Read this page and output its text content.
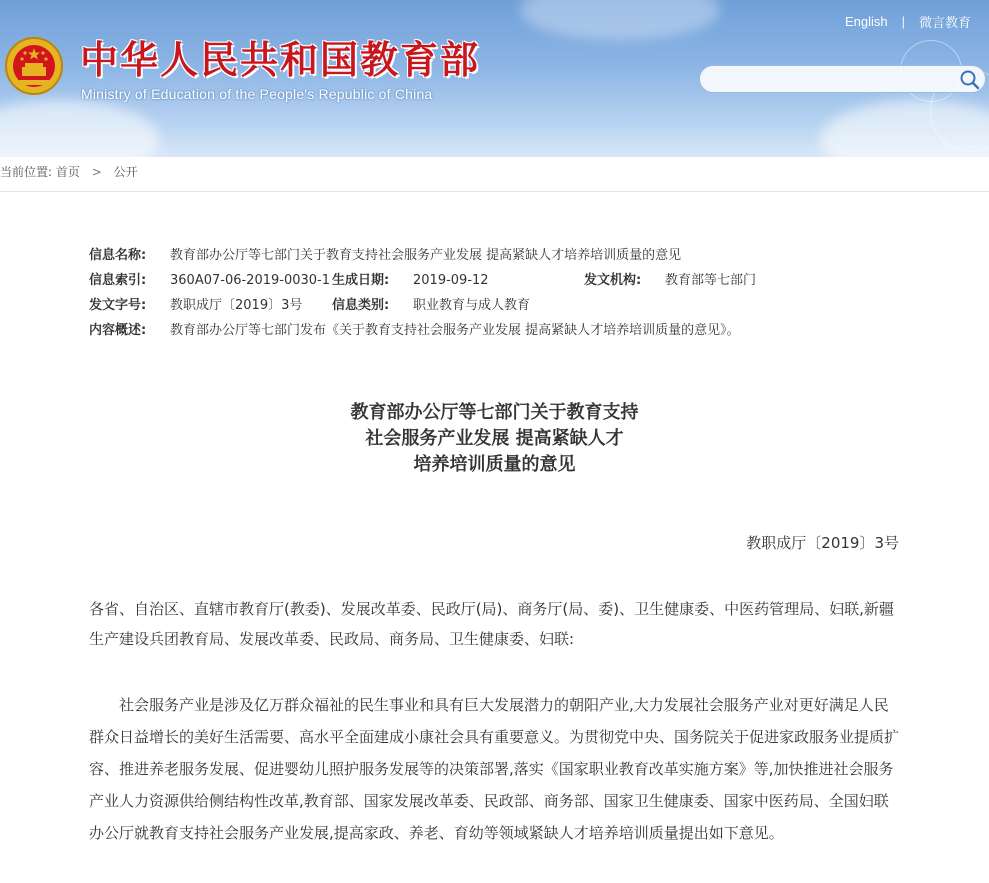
中华人民共和国教育部
Ministry of Education of the People's Republic of China
English | 微言教育
当前位置: 首页 > 公开
信息名称: 教育部办公厅等七部门关于教育支持社会服务产业发展 提高紧缺人才培养培训质量的意见
信息索引: 360A07-06-2019-0030-1 生成日期: 2019-09-12	发文机构: 教育部等七部门
发文字号: 教职成厅〔2019〕3号 信息类别: 职业教育与成人教育
内容概述: 教育部办公厅等七部门发布《关于教育支持社会服务产业发展 提高紧缺人才培养培训质量的意见》。
教育部办公厅等七部门关于教育支持
社会服务产业发展 提高紧缺人才
培养培训质量的意见
教职成厅〔2019〕3号
各省、自治区、直辖市教育厅(教委)、发展改革委、民政厅(局)、商务厅(局、委)、卫生健康委、中医药管理局、妇联,新疆生产建设兵团教育局、发展改革委、民政局、商务局、卫生健康委、妇联:
社会服务产业是涉及亿万群众福祉的民生事业和具有巨大发展潜力的朝阳产业,大力发展社会服务产业对更好满足人民群众日益增长的美好生活需要、高水平全面建成小康社会具有重要意义。为贯彻党中央、国务院关于促进家政服务业提质扩容、推进养老服务发展、促进婴幼儿照护服务发展等的决策部署,落实《国家职业教育改革实施方案》等,加快推进社会服务产业人力资源供给侧结构性改革,教育部、国家发展改革委、民政部、商务部、国家卫生健康委、国家中医药局、全国妇联办公厅就教育支持社会服务产业发展,提高家政、养老、育幼等领域紧缺人才培养培训质量提出如下意见。
